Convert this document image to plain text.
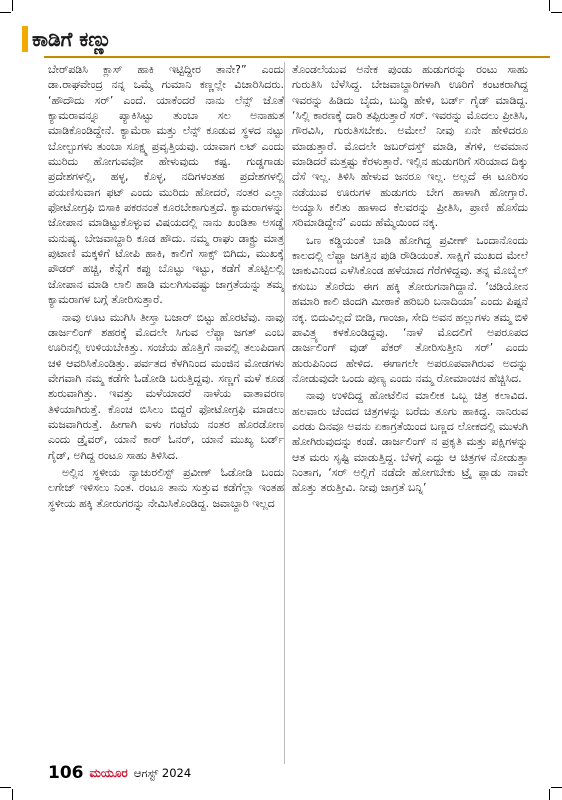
ಕಾಡಿಗೆ ಕಣ್ಣು

ಬೇರ್‌ಪಡಿಸಿ ಕ್ಲಾಸ್ ಹಾಕಿ ಇಟ್ಟಿದ್ದೀರ ತಾನೇ?” ಎಂದು ಡಾ.ರಾಘವೇಂದ್ರ ನನ್ನ ಒಮ್ಮೆ ಗುಮಾನಿ ಕಣ್ಣಲ್ಲೇ ವಿಚಾರಿಸಿದರು. ‘ಹೌದೌದು ಸರ್’ ಎಂದೆ. ಯಾಕೆಂದರೆ ನಾನು ಲೆನ್ಸ್ ಜೊತೆ ಕ್ಯಾಮರಾವನ್ನೂ ಪ್ಯಾಕಿಸಿಟ್ಟು ತುಂಬಾ ಸಲ ಅನಾಹುತ ಮಾಡಿಕೊಂಡಿದ್ದೇನೆ. ಕ್ಯಾಮೆರಾ ಮತ್ತು ಲೆನ್ಸ್ ಕೂಡುವ ಸ್ಥಳದ ನಟ್ಟು ಬೋಲ್ಟುಗಳು ತುಂಬಾ ಸೂಕ್ಷ್ಮ ಪ್ರವೃತ್ತಿಯವು. ಯಾವಾಗ ಲಟ್ ಎಂದು ಮುರಿದು ಹೋಗುವವೋ ಹೇಳುವುದು ಕಷ್ಟ. ಗುಡ್ಡಗಾಡು ಪ್ರದೇಶಗಳಲ್ಲಿ, ಹಳ್ಳ, ಕೊಳ್ಳ, ನದಿಗಳಂತಹ ಪ್ರದೇಶಗಳಲ್ಲಿ ಪಯಣಿಸುವಾಗ ಫಟ್ ಎಂದು ಮುರಿದು ಹೋದರೆ, ನಂತರ ಎಲ್ಲಾ ಫೋಟೋಗ್ರಫಿ ಬಿಸಾಕಿ ಪಕರನಂತೆ ಕೂರಬೇಕಾಗುತ್ತದೆ. ಕ್ಯಾಮರಾಗಳನ್ನು ಜೋಪಾನ ಮಾಡಿಟ್ಟುಕೊಳ್ಳುವ ವಿಷಯದಲ್ಲಿ ನಾನು ಖಂಡಿತಾ ಅಸಡ್ಡೆ ಮನುಷ್ಯ. ಬೇಜವಾಬ್ದಾರಿ ಕೂಡ ಹೌದು. ನಮ್ಮ ರಾಘು ಡಾಕ್ಟ್ರು ಮಾತ್ರ ಪುಟಾಣಿ ಮಕ್ಕಳಿಗೆ ಟೋಪಿ ಹಾಕಿ, ಕಾಲಿಗೆ ಸಾಕ್ಸ್ ಬಿಗಿದು, ಮುಖಕ್ಕೆ ಪೌಡರ್ ಹಚ್ಚಿ, ಕೆನ್ನೆಗೆ ಕಪ್ಪು ಬೊಟ್ಟು ಇಟ್ಟು, ಕಡೆಗೆ ತೊಟ್ಟಿಲಲ್ಲಿ ಜೋಪಾನ ಮಾಡಿ ಲಾಲಿ ಹಾಡಿ ಮಲಗಿಸುವಷ್ಟು ಜಾಗ್ರತೆಯನ್ನು ತಮ್ಮ ಕ್ಯಾಮರಾಗಳ ಬಗ್ಗೆ ತೋರಿಸುತ್ತಾರೆ.

ನಾವು ಊಟ ಮುಗಿಸಿ ತೀಸ್ತಾ ಬಜಾರ್ ಬಿಟ್ಟು ಹೊರಟೆವು. ನಾವು ಡಾರ್ಜಲಿಂಗ್ ಶಹರಕ್ಕೆ ಮೊದಲೇ ಸಿಗುವ ಲೆಪ್ಚಾ ಜಗತ್ ಎಂಬ ಊರಿನಲ್ಲಿ ಉಳಿಯಬೇಕಿತ್ತು. ಸಂಜೆಯ ಹೊತ್ತಿಗೆ ನಾವಲ್ಲಿ ತಲುಪಿದಾಗ ಚಳಿ ಆವರಿಸಿಕೊಂಡಿತ್ತು. ಪರ್ವತದ ಕೆಳಗಿನಿಂದ ಮಂಜಿನ ಮೋಡಗಳು ವೇಗವಾಗಿ ನಮ್ಮ ಕಡೆಗೇ ಓಡೋಡಿ ಬರುತ್ತಿದ್ದವು. ಸಣ್ಣಗೆ ಮಳೆ ಕೂಡ ಶುರುವಾಗಿತ್ತು. ಇವತ್ತು ಮಳೆಯಾದರೆ ನಾಳೆಯ ವಾತಾವರಣ ತಿಳಿಯಾಗಿರುತ್ತೆ. ಕೊಂಚ ಬಿಸಿಲು ಬಿದ್ದರೆ ಫೋಟೋಗ್ರಫಿ ಮಾಡಲು ಮಜವಾಗಿರುತ್ತೆ. ಹೀಗಾಗಿ ಐಳು ಗಂಟೆಯ ನಂತರ ಹೊರಡೋಣ ಎಂದು ಡ್ರೈವರ್, ಯಾನೆ ಕಾರ್ ಓನರ್, ಯಾನೆ ಮುಖ್ಯ ಬರ್ಡ್ ಗೈಡ್, ಅಗಿದ್ದ ರಂಟೂ ಸಾಹು ತಿಳಿಸಿದ.

ಅಲ್ಲಿನ ಸ್ಥಳೀಯ ನ್ಯಾಚುರಲಿಸ್ಟ್ ಪ್ರವೀಣ್ ಓಡೋಡಿ ಬಂದು ಲಗೇಜ್ ಇಳಿಸಲು ನಿಂತ. ರಂಟೂ ತಾನು ಸುತ್ತುವ ಕಡೆಗೆಲ್ಲಾ ಇಂತಹ ಸ್ಥಳೀಯ ಹಕ್ಕಿ ತೋರುಗರನ್ನು ನೇಮಿಸಿಕೊಂಡಿದ್ದ. ಜವಾಬ್ದಾರಿ ಇಲ್ಲದ

ತೊಂಡಲೆಯುವ ಅನೇಕ ಪುಂಡು ಹುಡುಗರನ್ನು ರಂಟು ಸಾಹು ಗುರುತಿಸಿ ಬೆಳೆಸಿದ್ದ. ಬೇಜವಾಬ್ದಾರಿಗಳಾಗಿ ಊರಿಗೆ ಕಂಟಕರಾಗಿದ್ದ ಇವರನ್ನು ಹಿಡಿದು ಬೈದು, ಬುದ್ಧಿ ಹೇಳಿ, ಬರ್ಡ್ ಗೈಡ್ ಮಾಡಿದ್ದ. ‘ಸಿಲ್ಲಿ ಕಾರಣಕ್ಕೆ ದಾರಿ ತಪ್ಪಿರುತ್ತಾರೆ ಸರ್. ಇವರನ್ನು ಮೊದಲು ಪ್ರೀತಿಸಿ, ಗೌರವಿಸಿ, ಗುರುತಿಸಬೇಕು. ಅಮೇಲೆ ನೀವು ಏನೇ ಹೇಳಿದರೂ ಮಾಡುತ್ತಾರೆ. ಮೊದಲೇ ಜಬರ್‌ದಸ್ತ್ ಮಾಡಿ, ತೆಗಳಿ, ಅವಮಾನ ಮಾಡಿದರೆ ಮತ್ತಷ್ಟು ಕೆರಳುತ್ತಾರೆ. ಇಲ್ಲಿನ ಹುಡುಗರಿಗೆ ಸರಿಯಾದ ದಿಕ್ಕು ದೆಸೆ ಇಲ್ಲ. ತಿಳಿಸಿ ಹೇಳುವ ಜನರೂ ಇಲ್ಲ. ಅಲ್ಲದೆ ಈ ಟೂರಿಸಂ ನಡೆಯುವ ಊರುಗಳ ಹುಡುಗರು ಬೇಗ ಹಾಳಾಗಿ ಹೋಗ್ತಾರೆ. ಅಯ್ಯಾಸಿ ಕಲಿತು ಹಾಳಾದ ಕೆಲವರನ್ನು ಪ್ರೀತಿಸಿ, ಪ್ರಾಣಿ ಹೊಸೆದು ಸರಿಮಾಡಿದ್ದೇನೆ’ ಎಂದು ಹೆಮ್ಮೆಯಿಂದ ನಕ್ಕ.

ಒಣ ಕಡ್ಡಿಯಂತೆ ಬಾಡಿ ಹೋಗಿದ್ದ ಪ್ರವೀಣ್ ಒಂದಾನೊಂದು ಕಾಲದಲ್ಲಿ ಲೆಪ್ಚಾ ಜಗತ್ತಿನ ಪುಡಿ ರೌಡಿಯಂತೆ. ಸಾಕ್ಷಿಗೆ ಮುಖದ ಮೇಲೆ ಚಾಕುವಿನಿಂದ ಎಳೆಸಿಕೊಂಡ ಹಳೆಯಾದ ಗೆರೆಗಳಿದ್ದವು. ತನ್ನ ಮೊಬೈಲ್ ಕಸುಬು ತೊರೆದು ಈಗ ಹಕ್ಕಿ ತೋರುಗನಾಗಿದ್ದಾನೆ. ‘ಚಡಿಯೋನ ಹಮಾರಿ ಕಾಲಿ ಜಿಂದಗಿ ಮೀಠಾಕೆ ಹರಿಬರಿ ಬನಾದಿಯಾ’ ಎಂದು ಪಿಷ್ಟನೆ ನಕ್ಕ. ಬಿದುವಿಲ್ಲದೆ ಬೀಡಿ, ಗಾಂಜಾ, ಸೇದಿ ಅವನ ಹಲ್ಲುಗಳು ತಮ್ಮ ಬಿಳಿ ಪಾವಿತ್ರ್ಯ ಕಳಕೊಂಡಿದ್ದವು. ‘ನಾಳೆ ಮೊದಲಿಗೆ ಅಪರೂಪದ ಡಾರ್ಜಲಿಂಗ್ ವುಡ್ ಪೆಕರ್ ತೋರಿಸುತ್ತೀನಿ ಸರ್’ ಎಂದು ಹುರುಪಿನಿಂದ ಹೇಳಿದ. ಈಗಾಗಲೇ ಅಪರೂಪವಾಗಿರುವ ಅದನ್ನು ನೋಡುವುದೇ ಒಂದು ಪುಣ್ಯ ಎಂದು ನಮ್ಮ ರೋಮಾಂಚನ ಹೆಚ್ಚಿಸಿದ.

ನಾವು ಉಳಿದಿದ್ದ ಹೋಟೆಲಿನ ಮಾಲೀಕ ಒಬ್ಬ ಚಿತ್ರ ಕಲಾವಿದ. ಹಲವಾರು ಚೆಂದದ ಚಿತ್ರಗಳನ್ನು ಬರೆದು ತೂಗು ಹಾಕಿದ್ದ. ನಾನಿರುವ ಎರಡು ದಿನವೂ ಅವನು ಏಕಾಗ್ರತೆಯಿಂದ ಬಣ್ಣದ ಲೋಕದಲ್ಲಿ ಮುಳುಗಿ ಹೋಗಿರುವುದನ್ನು ಕಂಡೆ. ಡಾರ್ಜಲಿಂಗ್ ನ ಪ್ರಕೃತಿ ಮತ್ತು ಪಕ್ಷಿಗಳನ್ನು ಆತ ಮರು ಸೃಷ್ಟಿ ಮಾಡುತ್ತಿದ್ದ. ಬೆಳಗ್ಗೆ ಎದ್ದು ಆ ಚಿತ್ರಗಳ ನೋಡುತ್ತಾ ನಿಂತಾಗ, ‘ಸರ್ ಅಲ್ಲಿಗೆ ನಡೆದೇ ಹೋಗಬೇಕು ಟ್ರೈ ಪ್ಲಾಡು ನಾವೇ ಹೊತ್ತು ತರುತ್ತೀವಿ. ನೀವು ಜಾಗ್ರತೆ ಬನ್ನಿ’

106 ಮಯೂರ ಆಗಸ್ಟ್ 2024
